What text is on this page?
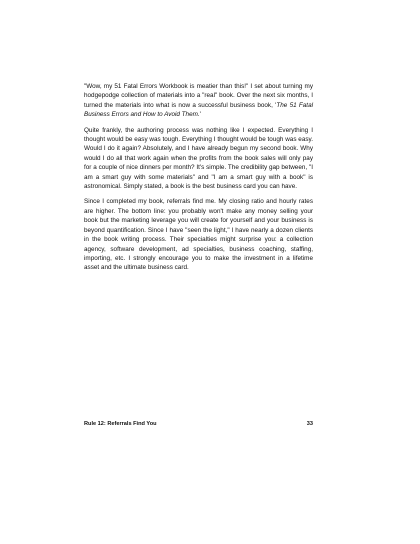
"Wow, my 51 Fatal Errors Workbook is meatier than this!" I set about turning my hodgepodge collection of materials into a "real" book. Over the next six months, I turned the materials into what is now a successful business book, 'The 51 Fatal Business Errors and How to Avoid Them.'

Quite frankly, the authoring process was nothing like I expected. Everything I thought would be easy was tough. Everything I thought would be tough was easy. Would I do it again? Absolutely, and I have already begun my second book. Why would I do all that work again when the profits from the book sales will only pay for a couple of nice dinners per month? It's simple. The credibility gap between, "I am a smart guy with some materials" and "I am a smart guy with a book" is astronomical. Simply stated, a book is the best business card you can have.

Since I completed my book, referrals find me. My closing ratio and hourly rates are higher. The bottom line: you probably won't make any money selling your book but the marketing leverage you will create for yourself and your business is beyond quantification. Since I have "seen the light," I have nearly a dozen clients in the book writing process. Their specialties might surprise you: a collection agency, software development, ad specialties, business coaching, staffing, importing, etc. I strongly encourage you to make the investment in a lifetime asset and the ultimate business card.

Rule 12: Referrals Find You	33
